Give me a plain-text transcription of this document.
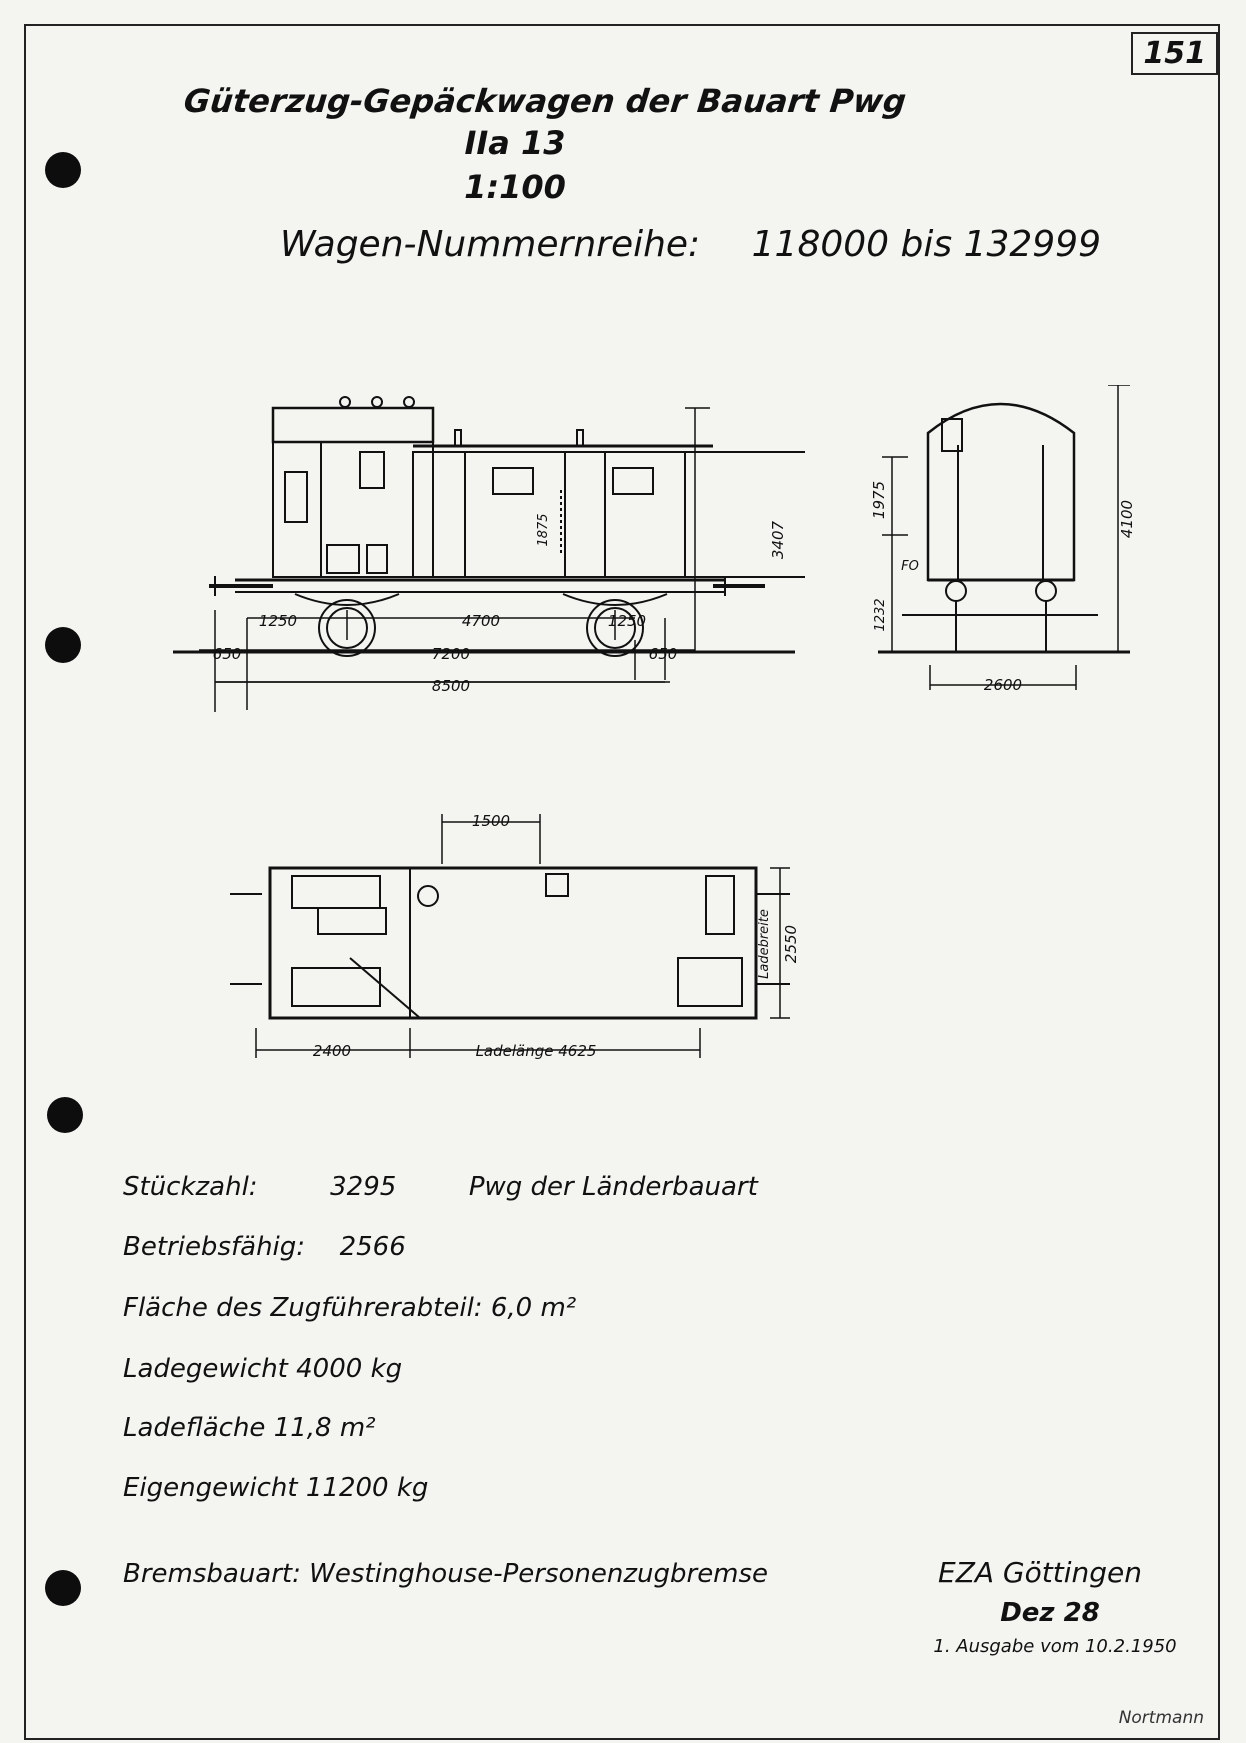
151
Güterzug-Gepäckwagen der Bauart Pwg
IIa 13
1:100
Wagen-Nummernreihe: 118000 bis 132999
1250	4700	1250
650	7200	650
8500
3407
1875
1975
FO
1232
4100
2600
1500
2400	Ladelänge 4625
Ladebreite 2550
Stückzahl:	3295	Pwg der Länderbauart
Betriebsfähig: 2566
Fläche des Zugführerabteil: 6,0 m²
Ladegewicht 4000 kg
Ladefläche 11,8 m²
Eigengewicht 11200 kg
Bremsbauart: Westinghouse-Personenzugbremse	EZA Göttingen
Dez 28
1. Ausgabe vom 10.2.1950
Nortmann
